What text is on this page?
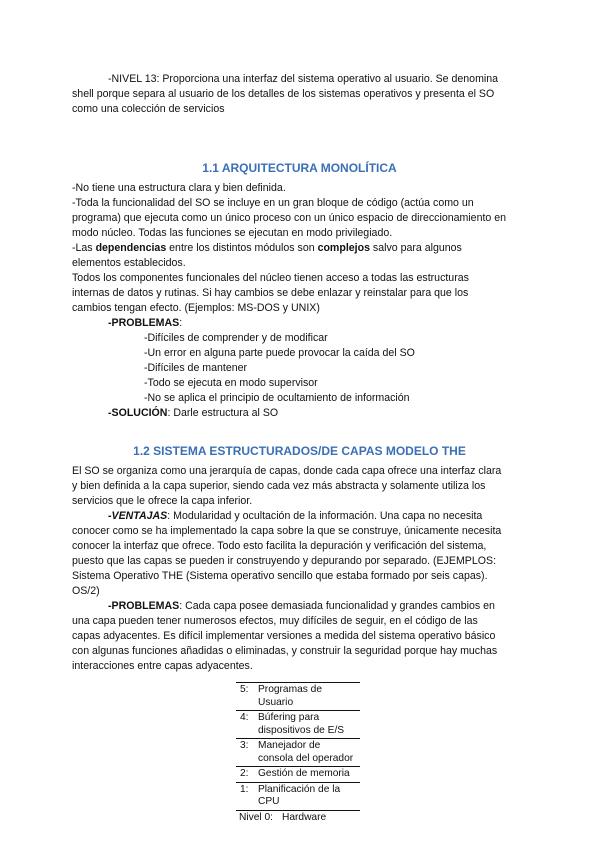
-NIVEL 13: Proporciona una interfaz del sistema operativo al usuario. Se denomina
shell porque separa al usuario de los detalles de los sistemas operativos y presenta el SO
como una colección de servicios
1.1 ARQUITECTURA MONOLÍTICA
-No tiene una estructura clara y bien definida.
-Toda la funcionalidad del SO se incluye en un gran bloque de código (actúa como un
programa) que ejecuta como un único proceso con un único espacio de direccionamiento en
modo núcleo. Todas las funciones se ejecutan en modo privilegiado.
-Las dependencias entre los distintos módulos son complejos salvo para algunos
elementos establecidos.
Todos los componentes funcionales del núcleo tienen acceso a todas las estructuras
internas de datos y rutinas. Si hay cambios se debe enlazar y reinstalar para que los
cambios tengan efecto. (Ejemplos: MS-DOS y UNIX)
-PROBLEMAS:
-Difíciles de comprender y de modificar
-Un error en alguna parte puede provocar la caída del SO
-Difíciles de mantener
-Todo se ejecuta en modo supervisor
-No se aplica el principio de ocultamiento de información
-SOLUCIÓN: Darle estructura al SO
1.2 SISTEMA ESTRUCTURADOS/DE CAPAS MODELO THE
El SO se organiza como una jerarquía de capas, donde cada capa ofrece una interfaz clara
y bien definida a la capa superior, siendo cada vez más abstracta y solamente utiliza los
servicios que le ofrece la capa inferior.
-VENTAJAS: Modularidad y ocultación de la información. Una capa no necesita
conocer como se ha implementado la capa sobre la que se construye, únicamente necesita
conocer la interfaz que ofrece. Todo esto facilita la depuración y verificación del sistema,
puesto que las capas se pueden ir construyendo y depurando por separado. (EJEMPLOS:
Sistema Operativo THE (Sistema operativo sencillo que estaba formado por seis capas).
OS/2)
-PROBLEMAS: Cada capa posee demasiada funcionalidad y grandes cambios en
una capa pueden tener numerosos efectos, muy difíciles de seguir, en el código de las
capas adyacentes. Es difícil implementar versiones a medida del sistema operativo básico
con algunas funciones añadidas o eliminadas, y construir la seguridad porque hay muchas
interacciones entre capas adyacentes.
5: Programas de Usuario
4: Búfering para dispositivos de E/S
3: Manejador de consola del operador
2: Gestión de memoria
1: Planificación de la CPU
Nivel 0: Hardware
